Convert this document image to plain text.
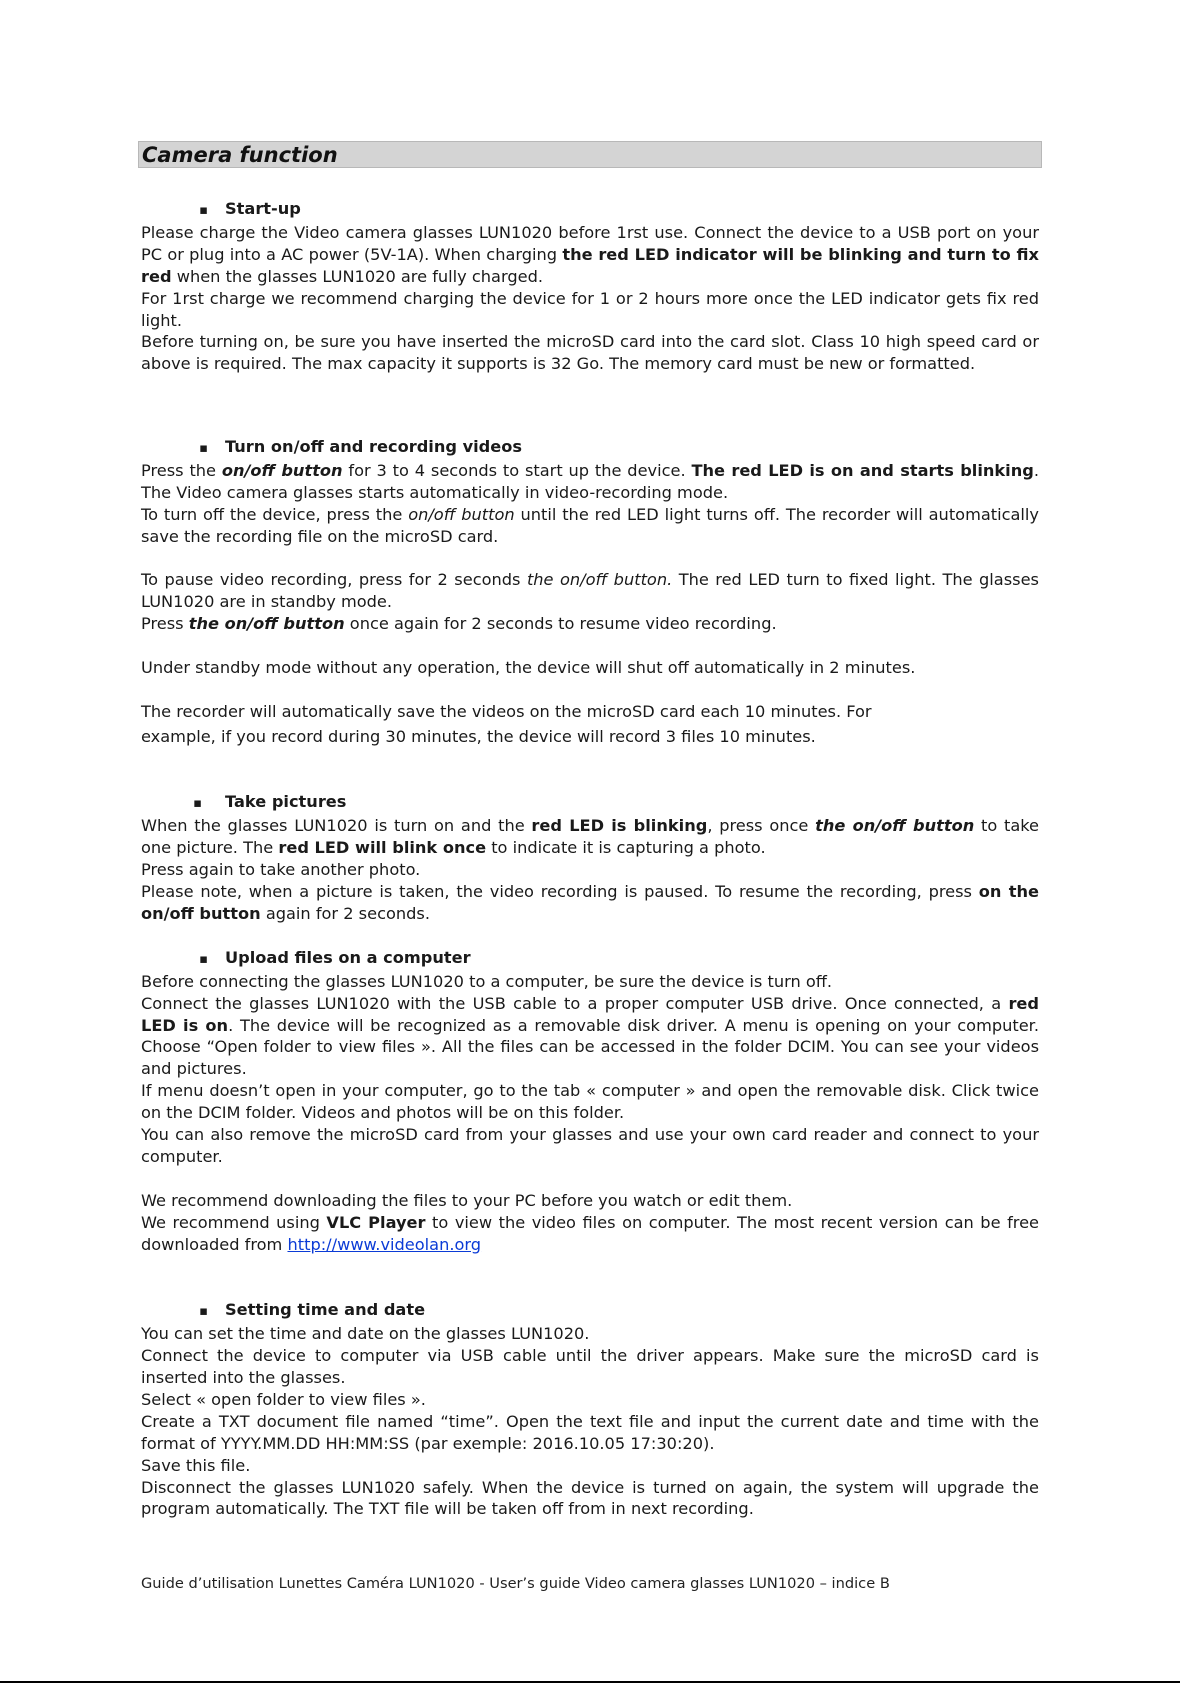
Camera function
▪	Start-up

Please charge the Video camera glasses LUN1020 before 1rst use. Connect the device to a USB port on your PC or plug into a AC power (5V-1A). When charging the red LED indicator will be blinking and turn to fix red when the glasses LUN1020 are fully charged.

For 1rst charge we recommend charging the device for 1 or 2 hours more once the LED indicator gets fix red light.

Before turning on, be sure you have inserted the microSD card into the card slot. Class 10 high speed card or above is required. The max capacity it supports is 32 Go. The memory card must be new or formatted.

▪	Turn on/off and recording videos

Press the on/off button for 3 to 4 seconds to start up the device. The red LED is on and starts blinking. The Video camera glasses starts automatically in video-recording mode.

To turn off the device, press the on/off button until the red LED light turns off. The recorder will automatically save the recording file on the microSD card.

To pause video recording, press for 2 seconds the on/off button. The red LED turn to fixed light. The glasses LUN1020 are in standby mode.

Press the on/off button once again for 2 seconds to resume video recording.

Under standby mode without any operation, the device will shut off automatically in 2 minutes.

The recorder will automatically save the videos on the microSD card each 10 minutes. For

example, if you record during 30 minutes, the device will record 3 files 10 minutes.

▪	Take pictures

When the glasses LUN1020 is turn on and the red LED is blinking, press once the on/off button to take one picture. The red LED will blink once to indicate it is capturing a photo.

Press again to take another photo.

Please note, when a picture is taken, the video recording is paused. To resume the recording, press on the on/off button again for 2 seconds.

▪	Upload files on a computer

Before connecting the glasses LUN1020 to a computer, be sure the device is turn off.

Connect the glasses LUN1020 with the USB cable to a proper computer USB drive. Once connected, a red LED is on. The device will be recognized as a removable disk driver. A menu is opening on your computer. Choose “Open folder to view files ». All the files can be accessed in the folder DCIM. You can see your videos and pictures.

If menu doesn’t open in your computer, go to the tab « computer » and open the removable disk. Click twice on the DCIM folder. Videos and photos will be on this folder.

You can also remove the microSD card from your glasses and use your own card reader and connect to your computer.

We recommend downloading the files to your PC before you watch or edit them.

We recommend using VLC Player to view the video files on computer. The most recent version can be free downloaded from http://www.videolan.org

▪	Setting time and date

You can set the time and date on the glasses LUN1020.

Connect the device to computer via USB cable until the driver appears. Make sure the microSD card is inserted into the glasses.

Select « open folder to view files ».

Create a TXT document file named “time”. Open the text file and input the current date and time with the format of YYYY.MM.DD HH:MM:SS (par exemple: 2016.10.05 17:30:20).

Save this file.

Disconnect the glasses LUN1020 safely. When the device is turned on again, the system will upgrade the program automatically. The TXT file will be taken off from in next recording.

Guide d’utilisation Lunettes Caméra LUN1020 - User’s guide Video camera glasses LUN1020 – indice B
